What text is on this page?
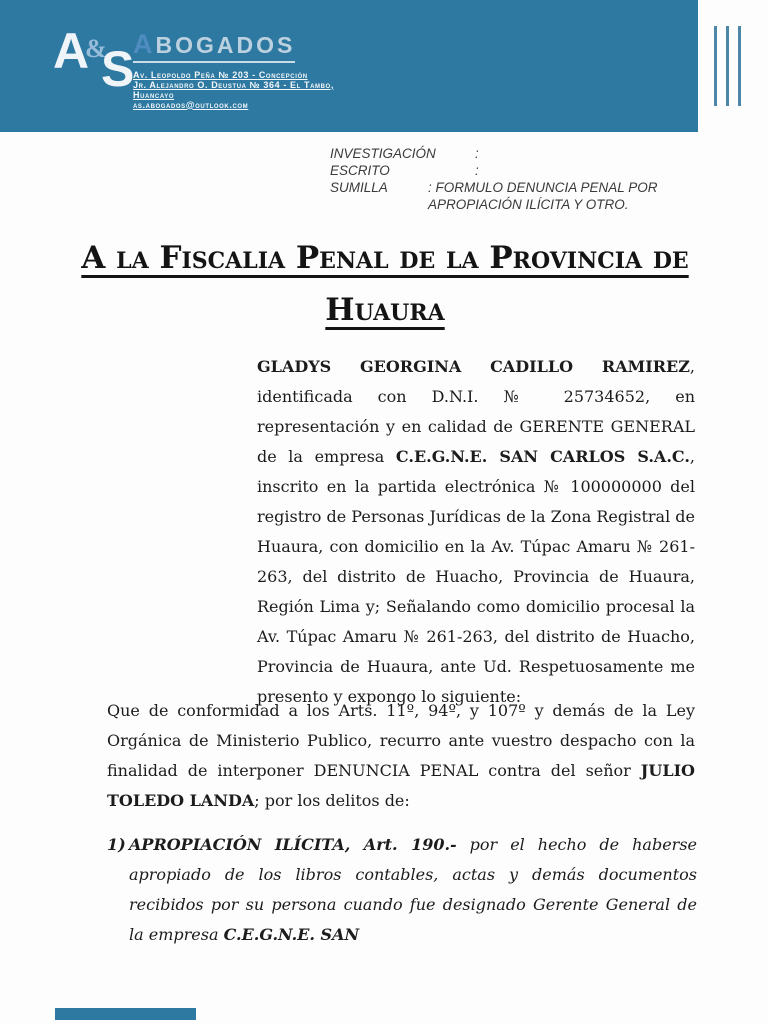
A
&
S
ABOGADOS
Av. Leopoldo Peña № 203 - Concepción
Jr. Alejandro O. Deustua № 364 - El Tambo,
Huancayo
as.abogados@outlook.com
INVESTIGACIÓN	:
ESCRITO	:
SUMILLA	: FORMULO DENUNCIA PENAL POR APROPIACIÓN ILÍCITA Y OTRO.
A la Fiscalia Penal de la Provincia de Huaura

GLADYS GEORGINA CADILLO RAMIREZ, identificada con D.N.I. № 25734652, en representación y en calidad de GERENTE GENERAL de la empresa C.E.G.N.E. SAN CARLOS S.A.C., inscrito en la partida electrónica № 100000000 del registro de Personas Jurídicas de la Zona Registral de Huaura, con domicilio en la Av. Túpac Amaru № 261-263, del distrito de Huacho, Provincia de Huaura, Región Lima y; Señalando como domicilio procesal la Av. Túpac Amaru № 261-263, del distrito de Huacho, Provincia de Huaura, ante Ud. Respetuosamente me presento y expongo lo siguiente:

Que de conformidad a los Arts. 11º, 94º, y 107º y demás de la Ley Orgánica de Ministerio Publico, recurro ante vuestro despacho con la finalidad de interponer DENUNCIA PENAL contra del señor JULIO TOLEDO LANDA; por los delitos de:

1) APROPIACIÓN ILÍCITA, Art. 190.- por el hecho de haberse apropiado de los libros contables, actas y demás documentos recibidos por su persona cuando fue designado Gerente General de la empresa C.E.G.N.E. SAN
